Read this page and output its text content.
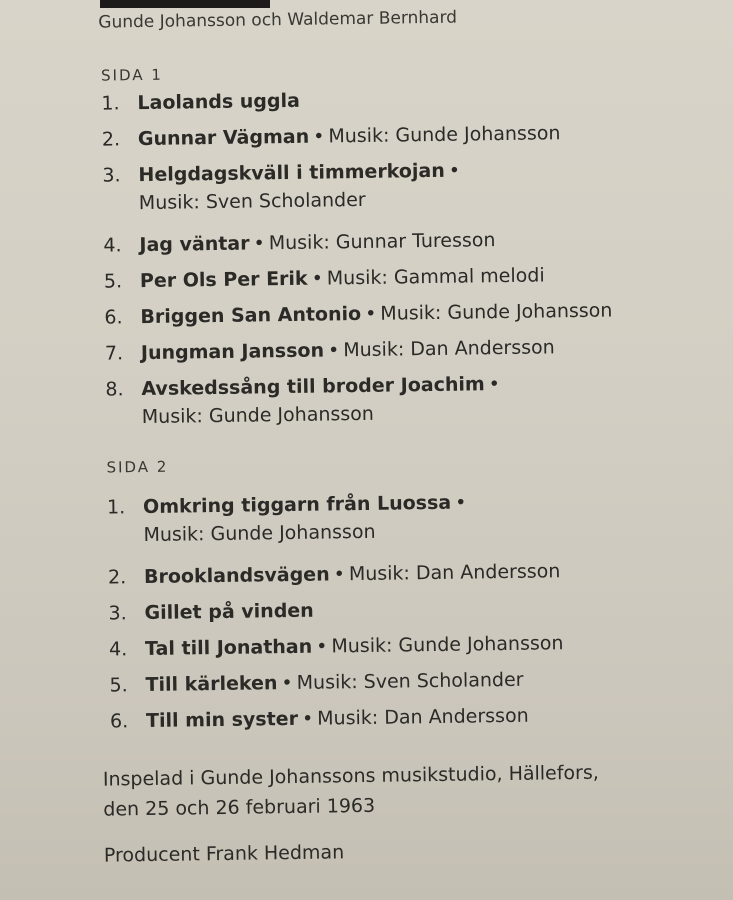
Gunde Johansson och Waldemar Bernhard
SIDA 1
1. Laolands uggla
2. Gunnar Vägman • Musik: Gunde Johansson
3. Helgdagskväll i timmerkojan •
Musik: Sven Scholander
4. Jag väntar • Musik: Gunnar Turesson
5. Per Ols Per Erik • Musik: Gammal melodi
6. Briggen San Antonio • Musik: Gunde Johansson
7. Jungman Jansson • Musik: Dan Andersson
8. Avskedssång till broder Joachim •
Musik: Gunde Johansson
SIDA 2
1. Omkring tiggarn från Luossa •
Musik: Gunde Johansson
2. Brooklandsvägen • Musik: Dan Andersson
3. Gillet på vinden
4. Tal till Jonathan • Musik: Gunde Johansson
5. Till kärleken • Musik: Sven Scholander
6. Till min syster • Musik: Dan Andersson
Inspelad i Gunde Johanssons musikstudio, Hällefors,
den 25 och 26 februari 1963
Producent Frank Hedman
